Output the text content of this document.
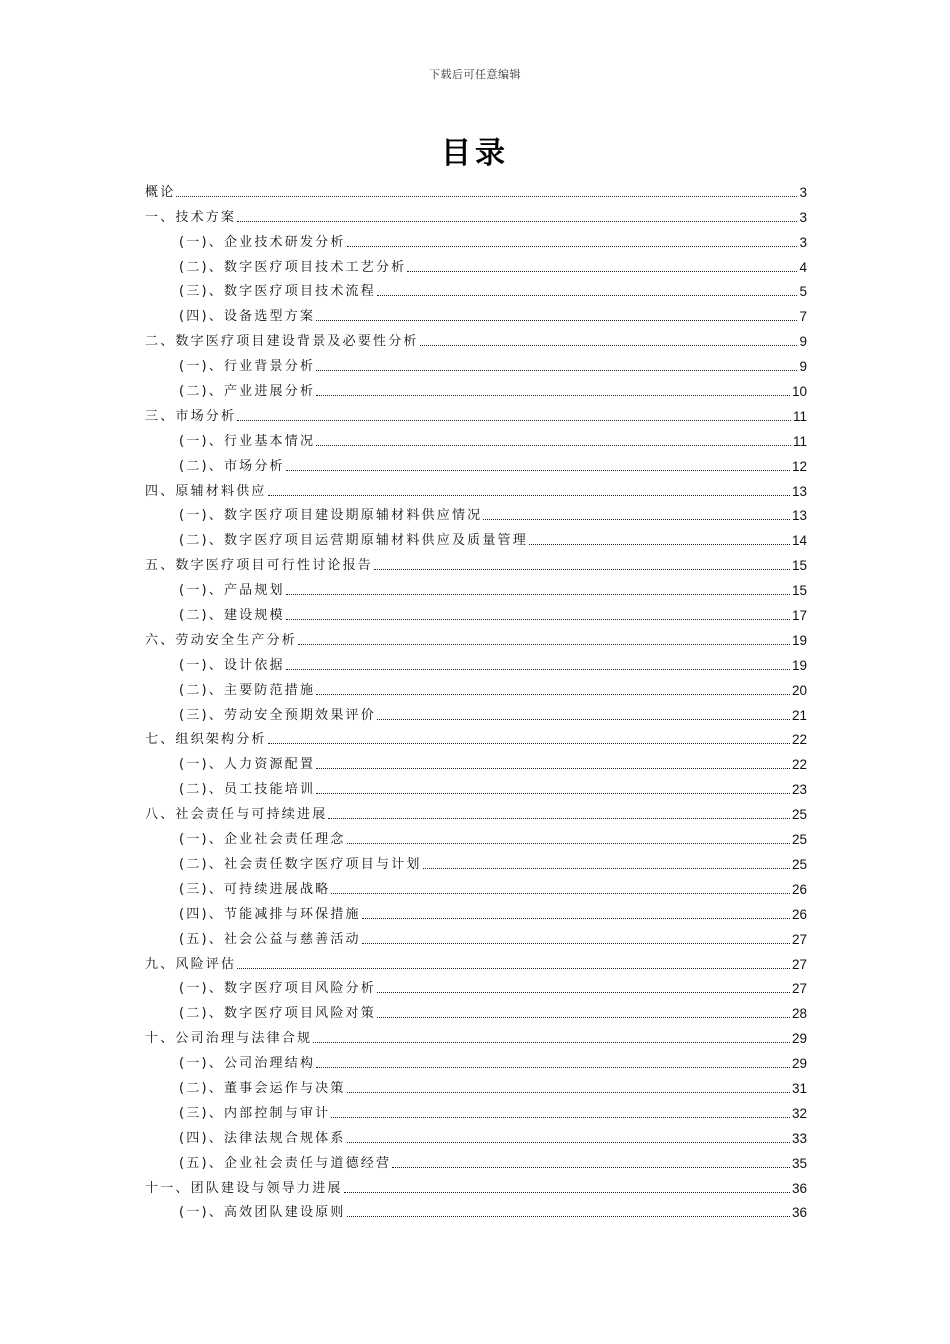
下载后可任意编辑
目录
概论	3
一、技术方案	3
(一)、企业技术研发分析	3
(二)、数字医疗项目技术工艺分析	4
(三)、数字医疗项目技术流程	5
(四)、设备选型方案	7
二、数字医疗项目建设背景及必要性分析	9
(一)、行业背景分析	9
(二)、产业进展分析	10
三、市场分析	11
(一)、行业基本情况	11
(二)、市场分析	12
四、原辅材料供应	13
(一)、数字医疗项目建设期原辅材料供应情况	13
(二)、数字医疗项目运营期原辅材料供应及质量管理	14
五、数字医疗项目可行性讨论报告	15
(一)、产品规划	15
(二)、建设规模	17
六、劳动安全生产分析	19
(一)、设计依据	19
(二)、主要防范措施	20
(三)、劳动安全预期效果评价	21
七、组织架构分析	22
(一)、人力资源配置	22
(二)、员工技能培训	23
八、社会责任与可持续进展	25
(一)、企业社会责任理念	25
(二)、社会责任数字医疗项目与计划	25
(三)、可持续进展战略	26
(四)、节能减排与环保措施	26
(五)、社会公益与慈善活动	27
九、风险评估	27
(一)、数字医疗项目风险分析	27
(二)、数字医疗项目风险对策	28
十、公司治理与法律合规	29
(一)、公司治理结构	29
(二)、董事会运作与决策	31
(三)、内部控制与审计	32
(四)、法律法规合规体系	33
(五)、企业社会责任与道德经营	35
十一、团队建设与领导力进展	36
(一)、高效团队建设原则	36
